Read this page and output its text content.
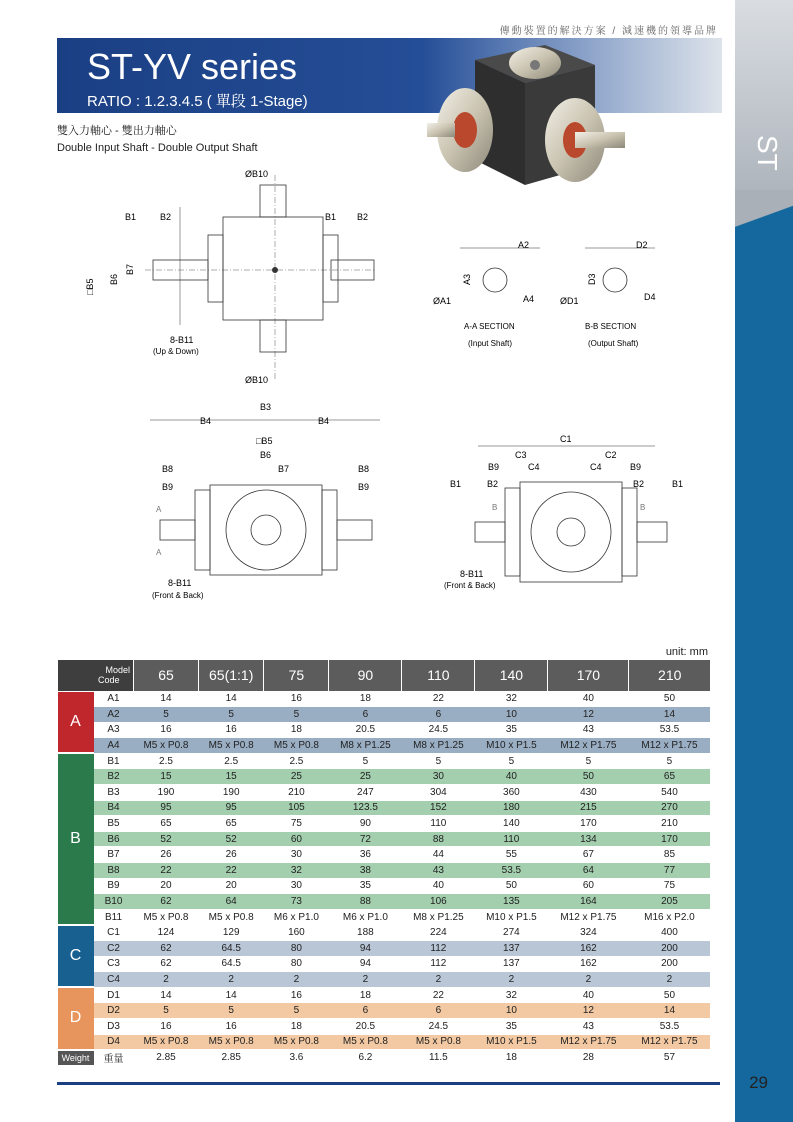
ST
傳動裝置的解決方案 / 減速機的領導品牌
ST-YV series
RATIO : 1.2.3.4.5 ( 單段 1-Stage)
雙入力軸心 - 雙出力軸心
Double Input Shaft - Double Output Shaft
ØB10
B1	B2	B2
B1
□B5 B6
B7
8-B11
(Up & Down)
ØB10
A2
A3
ØA1	A4
D2
D3
ØD1	D4
A-A SECTION
(Input Shaft)
B-B SECTION
(Output Shaft)
B3
B4	B4
□B5
B6
B7
B8
B9
B8
B9
A
A
8-B11
(Front & Back)
C1
C2
C3
C4	C4
B9	B9
B1	B2	B2	B1
B	B
8-B11
(Front & Back)
unit: mm
Model
Code		65	65(1:1)	75	90	110	140	170	210
A	A1	14	14	16	18	22	32	40	50
	A2	5	5	5	6	6	10	12	14
	A3	16	16	18	20.5	24.5	35	43	53.5
	A4	M5 x P0.8	M5 x P0.8	M5 x P0.8	M8 x P1.25	M8 x P1.25	M10 x P1.5	M12 x P1.75	M12 x P1.75
B	B1	2.5	2.5	2.5	5	5	5	5	5
	B2	15	15	25	25	30	40	50	65
	B3	190	190	210	247	304	360	430	540
	B4	95	95	105	123.5	152	180	215	270
	B5	65	65	75	90	110	140	170	210
	B6	52	52	60	72	88	110	134	170
	B7	26	26	30	36	44	55	67	85
	B8	22	22	32	38	43	53.5	64	77
	B9	20	20	30	35	40	50	60	75
	B10	62	64	73	88	106	135	164	205
	B11	M5 x P0.8	M5 x P0.8	M6 x P1.0	M6 x P1.0	M8 x P1.25	M10 x P1.5	M12 x P1.75	M16 x P2.0
C	C1	124	129	160	188	224	274	324	400
	C2	62	64.5	80	94	112	137	162	200
	C3	62	64.5	80	94	112	137	162	200
	C4	2	2	2	2	2	2	2	2
D	D1	14	14	16	18	22	32	40	50
	D2	5	5	5	6	6	10	12	14
	D3	16	16	18	20.5	24.5	35	43	53.5
	D4	M5 x P0.8	M5 x P0.8	M5 x P0.8	M5 x P0.8	M5 x P0.8	M10 x P1.5	M12 x P1.75	M12 x P1.75
Weight	重量	2.85	2.85	3.6	6.2	11.5	18	28	57
29
